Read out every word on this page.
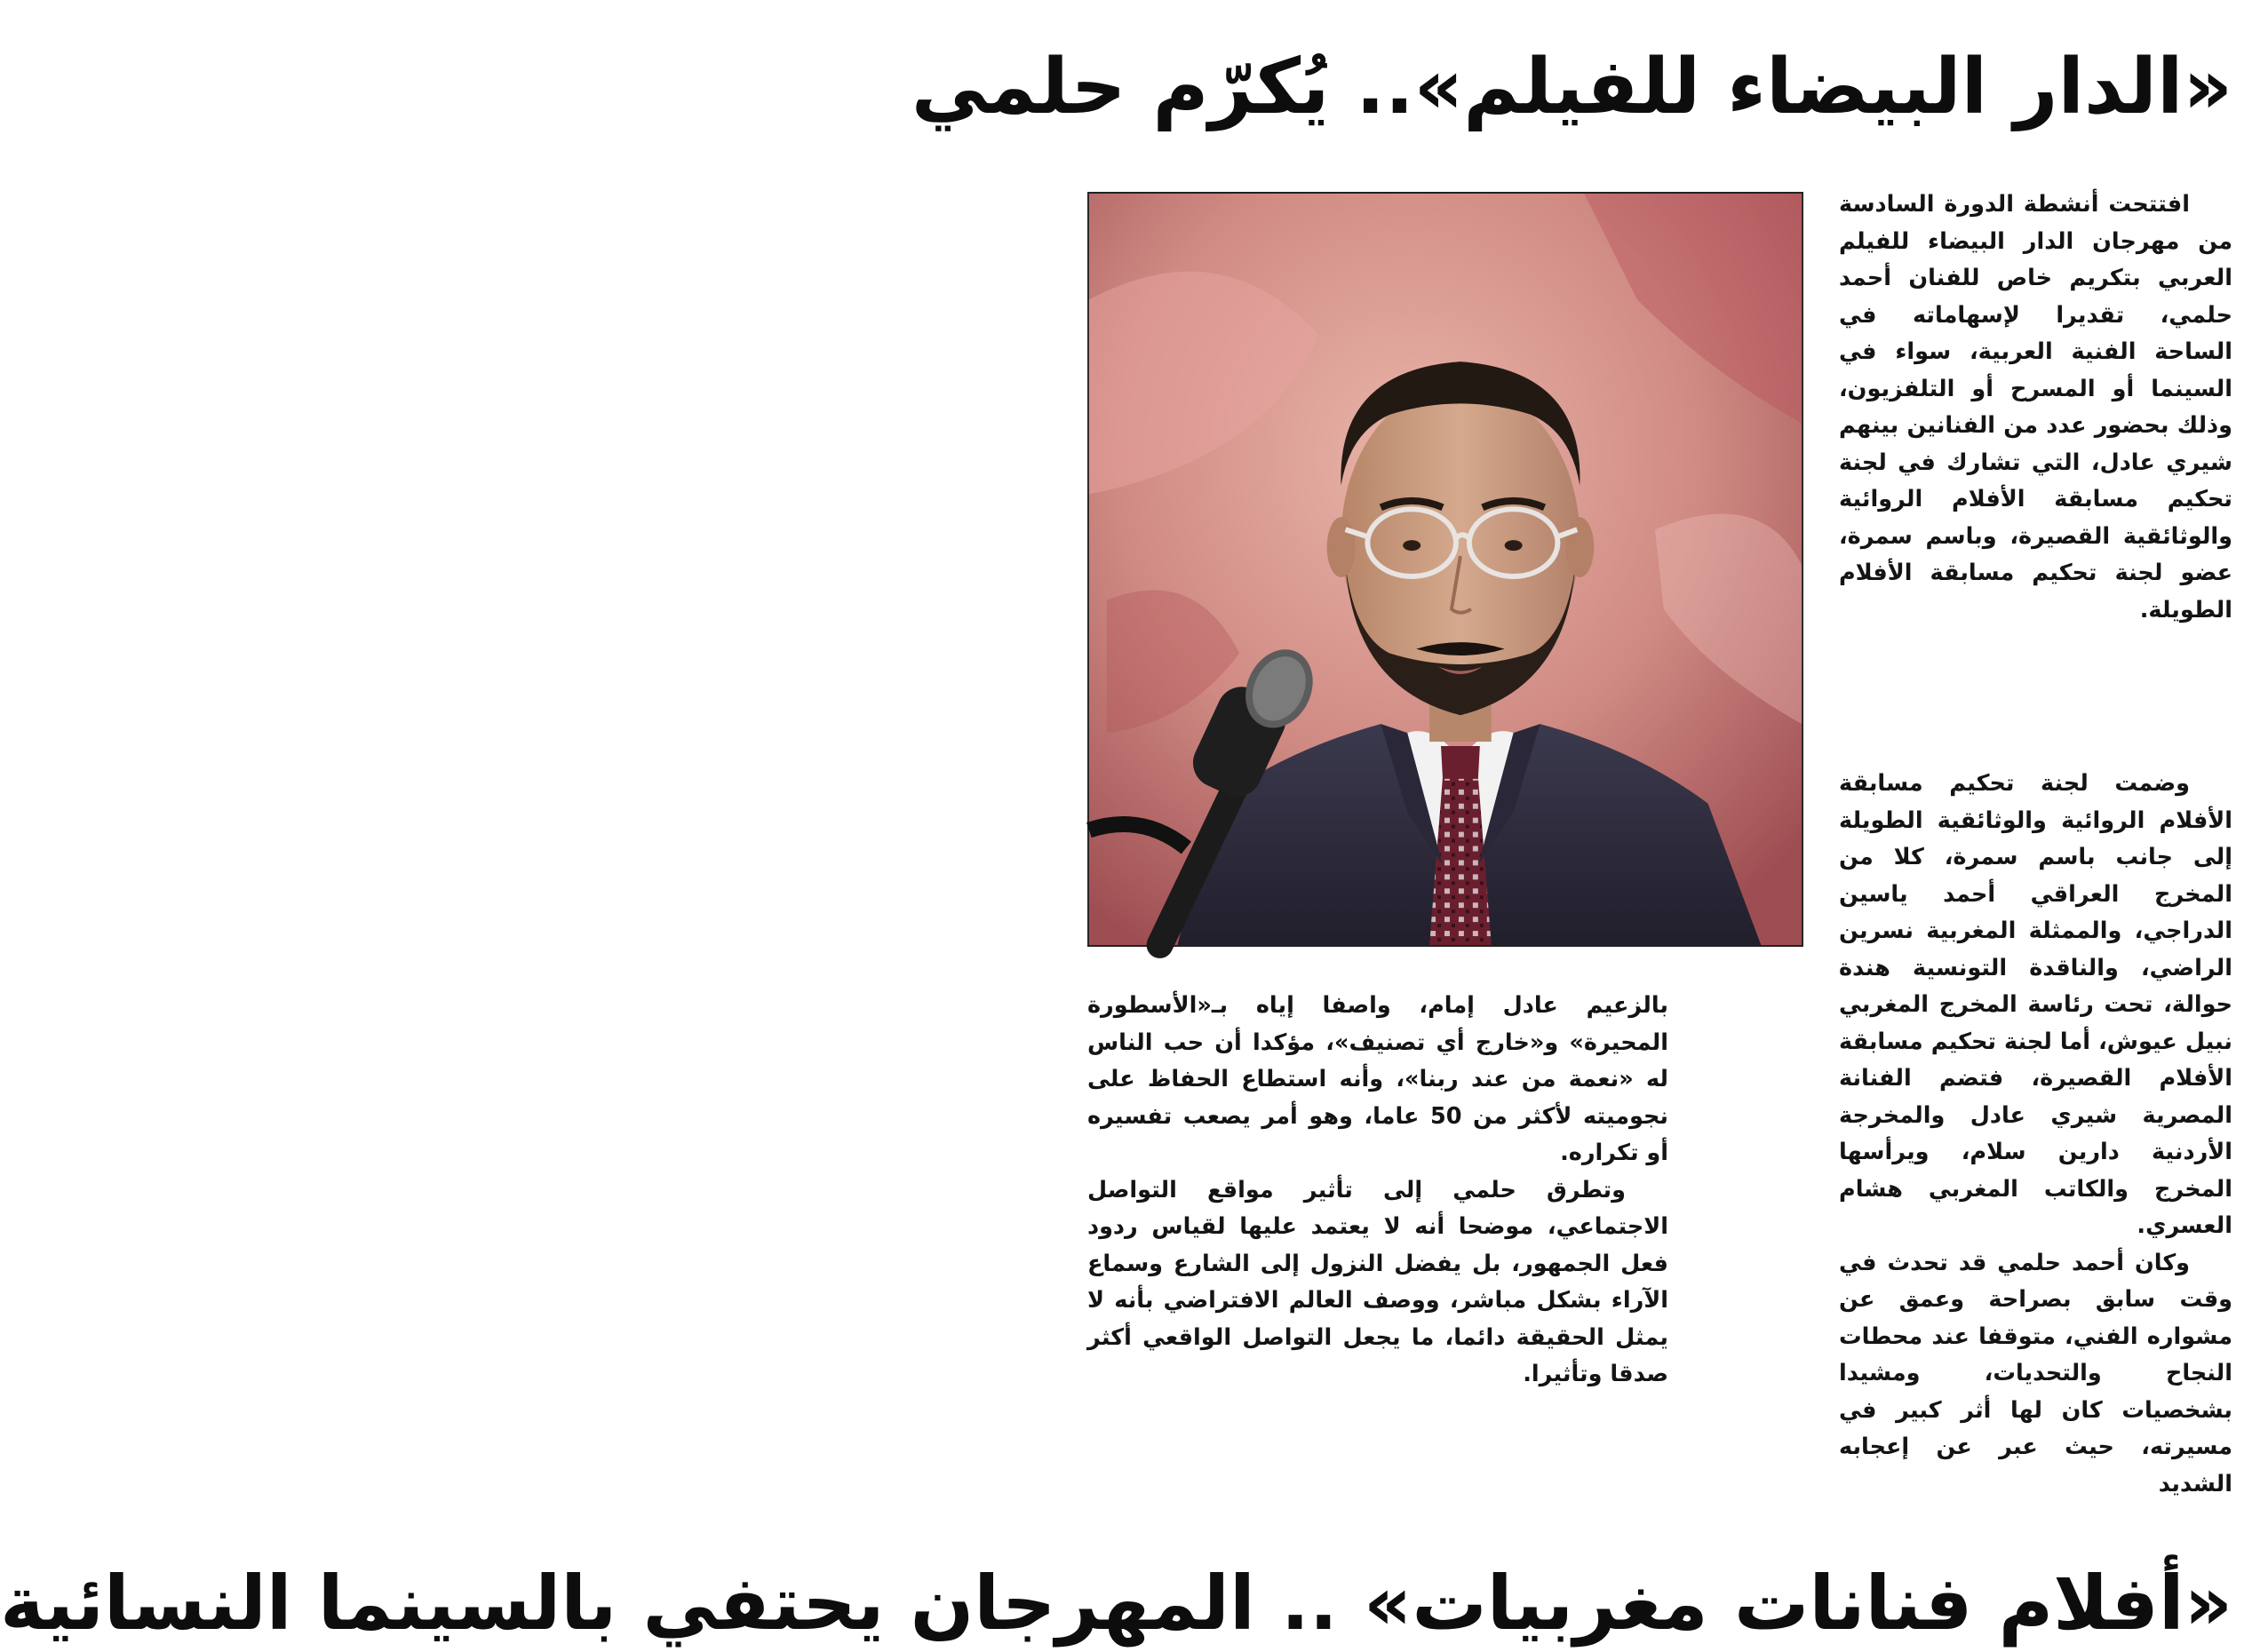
«الدار البيضاء للفيلم».. يُكرّم حلمي

افتتحت أنشطة الدورة السادسة من مهرجان الدار البيضاء للفيلم العربي بتكريم خاص للفنان أحمد حلمي، تقديرا لإسهاماته في الساحة الفنية العربية، سواء في السينما أو المسرح أو التلفزيون، وذلك بحضور عدد من الفنانين بينهم شيري عادل، التي تشارك في لجنة تحكيم مسابقة الأفلام الروائية والوثائقية القصيرة، وباسم سمرة، عضو لجنة تحكيم مسابقة الأفلام الطويلة.

وضمت لجنة تحكيم مسابقة الأفلام الروائية والوثائقية الطويلة إلى جانب باسم سمرة، كلا من المخرج العراقي أحمد ياسين الدراجي، والممثلة المغربية نسرين الراضي، والناقدة التونسية هندة حوالة، تحت رئاسة المخرج المغربي نبيل عيوش، أما لجنة تحكيم مسابقة الأفلام القصيرة، فتضم الفنانة المصرية شيري عادل والمخرجة الأردنية دارين سلام، ويرأسها المخرج والكاتب المغربي هشام العسري.

وكان أحمد حلمي قد تحدث في وقت سابق بصراحة وعمق عن مشواره الفني، متوقفا عند محطات النجاح والتحديات، ومشيدا بشخصيات كان لها أثر كبير في مسيرته، حيث عبر عن إعجابه الشديد

بالزعيم عادل إمام، واصفا إياه بـ«الأسطورة المحيرة» و«خارج أي تصنيف»، مؤكدا أن حب الناس له «نعمة من عند ربنا»، وأنه استطاع الحفاظ على نجوميته لأكثر من 50 عاما، وهو أمر يصعب تفسيره أو تكراره.

وتطرق حلمي إلى تأثير مواقع التواصل الاجتماعي، موضحا أنه لا يعتمد عليها لقياس ردود فعل الجمهور، بل يفضل النزول إلى الشارع وسماع الآراء بشكل مباشر، ووصف العالم الافتراضي بأنه لا يمثل الحقيقة دائما، ما يجعل التواصل الواقعي أكثر صدقا وتأثيرا.

«أفلام فنانات مغربيات» .. المهرجان يحتفي بالسينما النسائية
